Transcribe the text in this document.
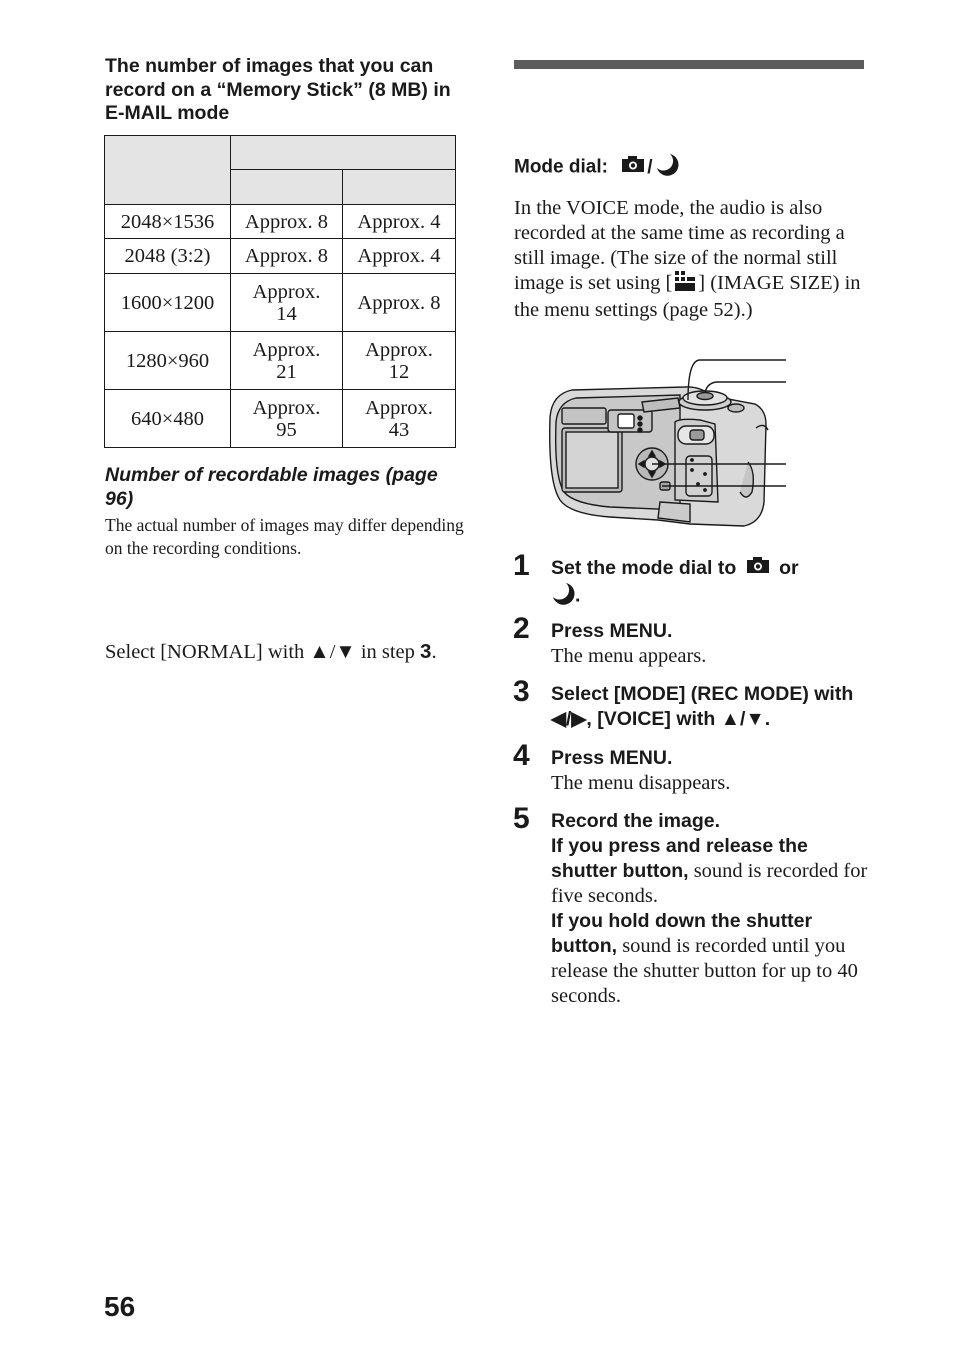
The number of images that you can record on a “Memory Stick” (8 MB) in E-MAIL mode

2048×1536	Approx. 8	Approx. 4
2048 (3:2)	Approx. 8	Approx. 4
1600×1200	Approx. 14	Approx. 8
1280×960	Approx. 21	Approx. 12
640×480	Approx. 95	Approx. 43
Number of recordable images (page 96)
The actual number of images may differ depending on the recording conditions.
Select [NORMAL] with ▲/▼ in step 3.
Mode dial: /
In the VOICE mode, the audio is also recorded at the same time as recording a still image. (The size of the normal still image is set using [ ] (IMAGE SIZE) in the menu settings (page 52).)
1	Set the mode dial to or
.
2	Press MENU.
The menu appears.
3	Select [MODE] (REC MODE) with ◀/▶, [VOICE] with ▲/▼.
4	Press MENU.
The menu disappears.
5	Record the image.
If you press and release the shutter button, sound is recorded for five seconds.
If you hold down the shutter button, sound is recorded until you release the shutter button for up to 40 seconds.
56
